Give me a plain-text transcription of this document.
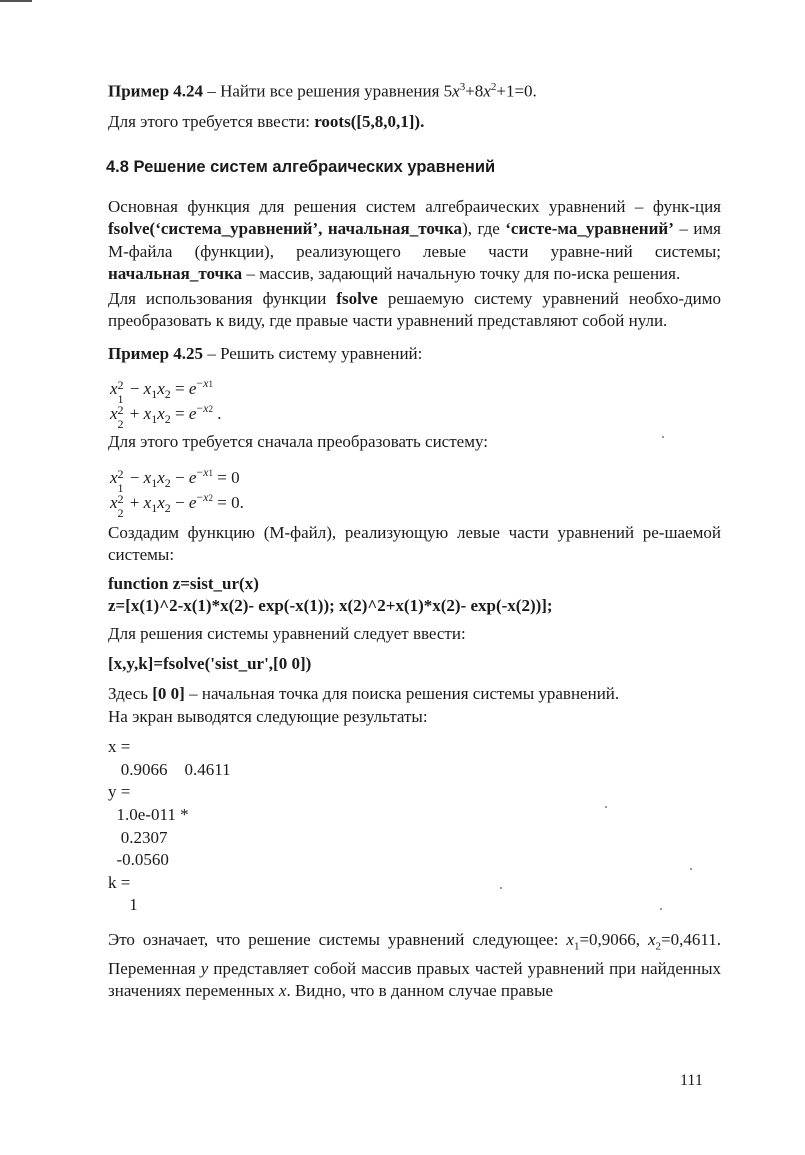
Пример 4.24 – Найти все решения уравнения $5x^3+8x^2+1=0$.

Для этого требуется ввести: roots([5,8,0,1]).

4.8 Решение систем алгебраических уравнений

Основная функция для решения систем алгебраических уравнений – функ-ция fsolve(‘система_уравнений’, начальная_точка), где ‘систе-ма_уравнений’ – имя М-файла (функции), реализующего левые части уравне-ний системы; начальная_точка – массив, задающий начальную точку для по-иска решения.

Для использования функции fsolve решаемую систему уравнений необхо-димо преобразовать к виду, где правые части уравнений представляют собой нули.

Пример 4.25 – Решить систему уравнений:

x 2
1
− $x_1x_2 = e^{-x1}$
x 2
2
+ $x_1x_2 = e^{-x2}$ .

Для этого требуется сначала преобразовать систему:

x 2
1
− $x_1x_2 - e^{-x1} = 0$
x 2
2
+ $x_1x_2 - e^{-x2} = 0$.

Создадим функцию (М-файл), реализующую левые части уравнений ре-шаемой системы:

function z=sist_ur(x)
z=[x(1)^2-x(1)*x(2)- exp(-x(1)); x(2)^2+x(1)*x(2)- exp(-x(2))];

Для решения системы уравнений следует ввести:

[x,y,k]=fsolve('sist_ur',[0 0])

Здесь [0 0] – начальная точка для поиска решения системы уравнений.

На экран выводятся следующие результаты:

x =
0.9066    0.4611
y =
1.0e-011 *
0.2307
-0.0560
k =
1

Это означает, что решение системы уравнений следующее: $x_1=0,9066$, $x_2=0,4611$. Переменная y представляет собой массив правых частей уравнений при найденных значениях переменных x. Видно, что в данном случае правые

111
